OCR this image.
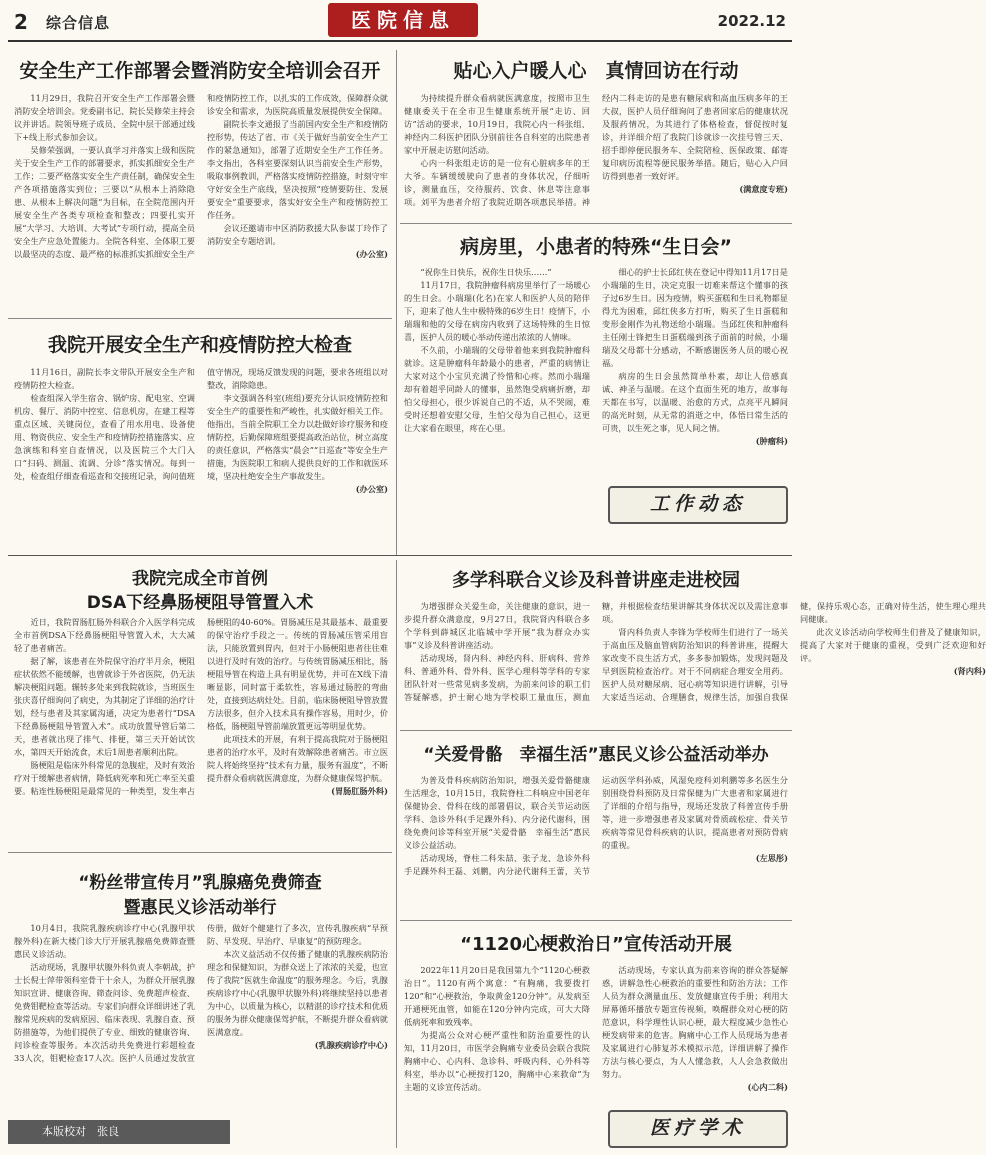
2 综合信息	医院信息	2022.12
安全生产工作部署会暨消防安全培训会召开

11月29日，我院召开安全生产工作部署会暨消防安全培训会。党委副书记、院长吴修荣主持会议并讲话。院领导班子成员、全院中层干部通过线下+线上形式参加会议。

吴修荣强调，一要认真学习并落实上级和医院关于安全生产工作的部署要求，抓实抓细安全生产工作；二要严格落实安全生产责任制，确保安全生产各项措施落实到位；三要以“从根本上消除隐患、从根本上解决问题”为目标，在全院范围内开展安全生产各类专项检查和整改；四要扎实开展“大学习、大培训、大考试”专项行动，提高全员安全生产应急处置能力。全院各科室、全体职工要以最坚决的态度、最严格的标准抓实抓细安全生产和疫情防控工作，以扎实的工作成效，保障群众就诊安全和需求，为医院高质量发展提供安全保障。

副院长李文通报了当前国内安全生产和疫情防控形势，传达了省、市《关于做好当前安全生产工作的紧急通知》，部署了近期安全生产工作任务。李文指出，各科室要深刻认识当前安全生产形势，吸取事例教训，严格落实疫情防控措施，时刻守牢守好安全生产底线，坚决按照“疫情要防住、发展要安全”重要要求，落实好安全生产和疫情防控工作任务。

会议还邀请市中区消防救援大队参谋丁玲作了消防安全专题培训。

(办公室)
我院开展安全生产和疫情防控大检查

11月16日，副院长李文带队开展安全生产和疫情防控大检查。

检查组深入学生宿舍、锅炉房、配电室、空调机房、餐厅、消防中控室、信息机房，在建工程等重点区域、关键岗位，查看了用水用电、设备使用、物资供应、安全生产和疫情防控措施落实、应急演练和科室自查情况，以及医院三个大门入口“扫码、测温、流调、分诊”落实情况。每到一处，检查组仔细查看巡查和交接班记录，询问值班值守情况，现场反馈发现的问题，要求各班组以对整改，消除隐患。

李文强调各科室(班组)要充分认识疫情防控和安全生产的重要性和严峻性，扎实做好相关工作。他指出，当前全院职工全力以赴做好诊疗服务和疫情防控，后勤保障班组要提高政治站位，树立高度的责任意识，严格落实“晨会”“日巡查”等安全生产措施，为医院职工和病人提供良好的工作和就医环境，坚决杜绝安全生产事故发生。

(办公室)
贴心入户暖人心　真情回访在行动

为持续提升群众看病就医满意度，按照市卫生健康委关于在全市卫生健康系统开展“走访、回访”活动的要求，10月19日，我院心内一科张组、神经内二科医护团队分别前往各自科室的出院患者家中开展走访慰问活动。

心内一科张组走访的是一位有心脏病多年的王大爷。车辆缓缓驶向了患者的身体状况，仔细听诊，测量血压，交待服药、饮食、休息等注意事项。刘平为患者介绍了我院近期各项惠民举措。神经内二科走访的是患有糖尿病和高血压病多年的王大叔，医护人员仔细询问了患者回家后的健康状况及服药情况，为其进行了体格检查，督促按时复诊，并详细介绍了我院门诊就诊一次挂号管三天、招手即停便民服务车、全院陪检、医保政策、邮寄复印病历流程等便民服务举措。随后，贴心入户回访得到患者一致好评。

(满意度专班)
病房里，小患者的特殊“生日会”

“祝你生日快乐，祝你生日快乐……”

11月17日，我院肿瘤科病房里举行了一场暖心的生日会。小瑞瑞(化名)在家人和医护人员的陪伴下，迎来了他人生中极特殊的6岁生日！疫情下，小瑞瑞和他的父母在病房内收到了这场特殊的生日惊喜，医护人员的暖心举动传递出浓浓的人情味。

不久前，小瑞瑞的父母带着他来到我院肿瘤科就诊。这是肿瘤科年龄最小的患者，严重的病情让大家对这个小宝贝充满了怜惜和心疼。然而小瑞瑞却有着超乎同龄人的懂事，虽然饱受病痛折磨，却怕父母担心，很少诉说自己的不适，从不哭闹，难受时还想着安慰父母，生怕父母为自己担心，这更让大家看在眼里，疼在心里。

细心的护士长邱红侠在登记中得知11月17日是小瑞瑞的生日，决定克服一切难来帮这个懂事的孩子过6岁生日。因为疫情，购买蛋糕和生日礼物都显得尤为困难，邱红侠多方打听，购买了生日蛋糕和变形金刚作为礼物送给小瑞瑞。当邱红侠和肿瘤科主任刚士锋把生日蛋糕端到孩子面前的时候，小瑞瑞及父母都十分感动，不断感谢医务人员的暖心祝福。

病房的生日会虽然简单朴素，却让人倍感真诚、神圣与温暖。在这个直面生死的地方，故事每天都在书写，以温暖、治愈的方式，点亮平凡瞬间的高光时刻，从无常的消逝之中，体悟日常生活的可贵，以生死之事，见人间之情。

(肿瘤科)
工作动态
我院完成全市首例
DSA下经鼻肠梗阻导管置入术

近日，我院胃肠肛肠外科联合介入医学科完成全市首例DSA下经鼻肠梗阻导管置入术，大大减轻了患者痛苦。

据了解，该患者在外院保守治疗半月余，梗阻症状依然不能缓解，也曾就诊于外省医院，仍无法解决梗阻问题。辗转多处来到我院就诊，当班医生张庆喜仔细询问了病史，为其制定了详细的治疗计划，经与患者及其家属沟通，决定为患者行“DSA下经鼻肠梗阻导管置入术”。成功放置导管后第二天，患者就出现了排气、排便，第三天开始试饮水，第四天开始流食，术后1周患者顺利出院。

肠梗阻是临床外科常见的急腹症，及时有效治疗对于缓解患者病情，降低病死率和死亡率至关重要。粘连性肠梗阻是最常见的一种类型，发生率占肠梗阻的40-60%。胃肠减压是其最基本、最重要的保守治疗手段之一。传统的胃肠减压管采用盲法，只能放置到胃内，但对于小肠梗阻患者往往难以进行及时有效的治疗。与传统胃肠减压相比，肠梗阻导管在构造上具有明显优势，并可在X线下清晰显影，同时富于柔软性，容易通过肠腔的弯曲处，直接到达病灶处。目前，临床肠梗阻导管放置方法很多，但介入技术具有操作容易，用时少，价格低，肠梗阻导管前端放置更远等明显优势。

此项技术的开展，有利于提高我院对于肠梗阻患者的治疗水平，及时有效解除患者痛苦。市立医院人将始终坚持“技术有力量，服务有温度”，不断提升群众看病就医满意度，为群众健康保驾护航。

(胃肠肛肠外科)
“粉丝带宣传月”乳腺癌免费筛查
暨惠民义诊活动举行

10月4日，我院乳腺疾病诊疗中心(乳腺甲状腺外科)在新大楼门诊大厅开展乳腺癌免费筛查暨惠民义诊活动。

活动现场，乳腺甲状腺外科负责人李朝战，护士长倪士萍带领科室骨干十余人，为群众开展乳腺知识宣讲、健康咨询、筛查问诊、免费超声检查、免费钼靶检查等活动。专家们向群众详细讲述了乳腺常见疾病的发病原因、临床表现、乳腺自查、预防措施等，为他们提供了专业、细致的健康咨询、问诊检查等服务。本次活动共免费进行彩超检查33人次，钼靶检查17人次。医护人员通过发放宣传册，做好个健建行了多次，宣传乳腺疾病“早预防、早发现、早治疗、早康复”的预防理念。

本次义益活动不仅传播了健康的乳腺疾病防治理念和保健知识，为群众送上了浓浓的关爱，也宣传了我院“医就生命温度”的服务理念。今后，乳腺疾病诊疗中心(乳腺甲状腺外科)将继续坚持以患者为中心，以质量为核心，以精湛的诊疗技术和优质的服务为群众健康保驾护航，不断提升群众看病就医满意度。

(乳腺疾病诊疗中心)
本版校对　张良
多学科联合义诊及科普讲座走进校园

为增强群众关爱生命，关注健康的意识，进一步提升群众满意度，9月27日，我院肾内科联合多个学科到薛城区北临城中学开展“我为群众办实事”义诊及科普讲座活动。

活动现场，肾内科、神经内科、肝病科、营养科、普通外科、骨外科、医学心理科等学科的专家团队针对一些常见病多发病，为前来问诊的职工们答疑解惑，护士耐心地为学校职工量血压，测血糖，并根据检查结果讲解其身体状况以及需注意事项。

肾内科负责人李锋为学校师生们进行了一场关于高血压及脑血管病防治知识的科普讲座，提醒大家改变不良生活方式，多多参加锻炼，发现问题及早到医院检查治疗。对于不同病症合理安全用药。医护人员对糖尿病、冠心病等知识进行讲解，引导大家适当运动、合理膳食，规律生活，加强自我保健，保持乐观心态，正确对待生活，使生理心理共同健康。

此次义诊活动向学校师生们普及了健康知识，提高了大家对于健康的重视，受到广泛欢迎和好评。

(肾内科)
“关爱骨骼　幸福生活”惠民义诊公益活动举办

为普及骨科疾病防治知识，增强关爱骨骼健康生活理念，10月15日，我院脊柱二科响应中国老年保健协会、骨科在线的部署倡议，联合关节运动医学科、急诊外科(手足踝外科)、内分泌代谢科，围绕免费问诊等科室开展“关爱骨骼　幸福生活”惠民义诊公益活动。

活动现场，脊柱二科朱喆、张子龙、急诊外科手足踝外科王磊、刘鹏，内分泌代谢科王蕾，关节运动医学科孙威，风湿免疫科刘利鹏等多名医生分别围绕骨科预防及日常保健为广大患者和家属进行了详细的介绍与指导，现场还发放了科普宣传手册等，进一步增强患者及家属对骨质疏松症、骨关节疾病等常见骨科疾病的认识，提高患者对预防骨病的重视。

(左思彤)
“1120心梗救治日”宣传活动开展

2022年11月20日是我国第九个“1120心梗救治日”。1120有两个寓意：“有胸痛，我要拨打120”和“心梗救治，争取黄金120分钟”。从发病至开通梗死血管，如能在120分钟内完成，可大大降低病死率和致残率。

为提高公众对心梗严重性和防治重要性的认知，11月20日，市医学会胸痛专业委员会联合我院胸痛中心、心内科、急诊科、呼吸内科、心外科等科室，举办以“心梗按打120，胸痛中心来救命”为主题的义诊宣传活动。

活动现场，专家认真为前来咨询的群众答疑解惑，讲解急性心梗救治的重要性和防治方法；工作人员为群众测量血压、发放健康宣传手册；利用大屏幕循环播放专题宣传视频，唤醒群众对心梗的防范意识，科学理性认识心梗，最大程度减少急性心梗发病带来的危害。胸痛中心工作人员现场为患者及家属进行心肺复苏术模拟示范，详细讲解了操作方法与核心要点，为人人懂急救，人人会急救做出努力。

(心内二科)
医疗学术
